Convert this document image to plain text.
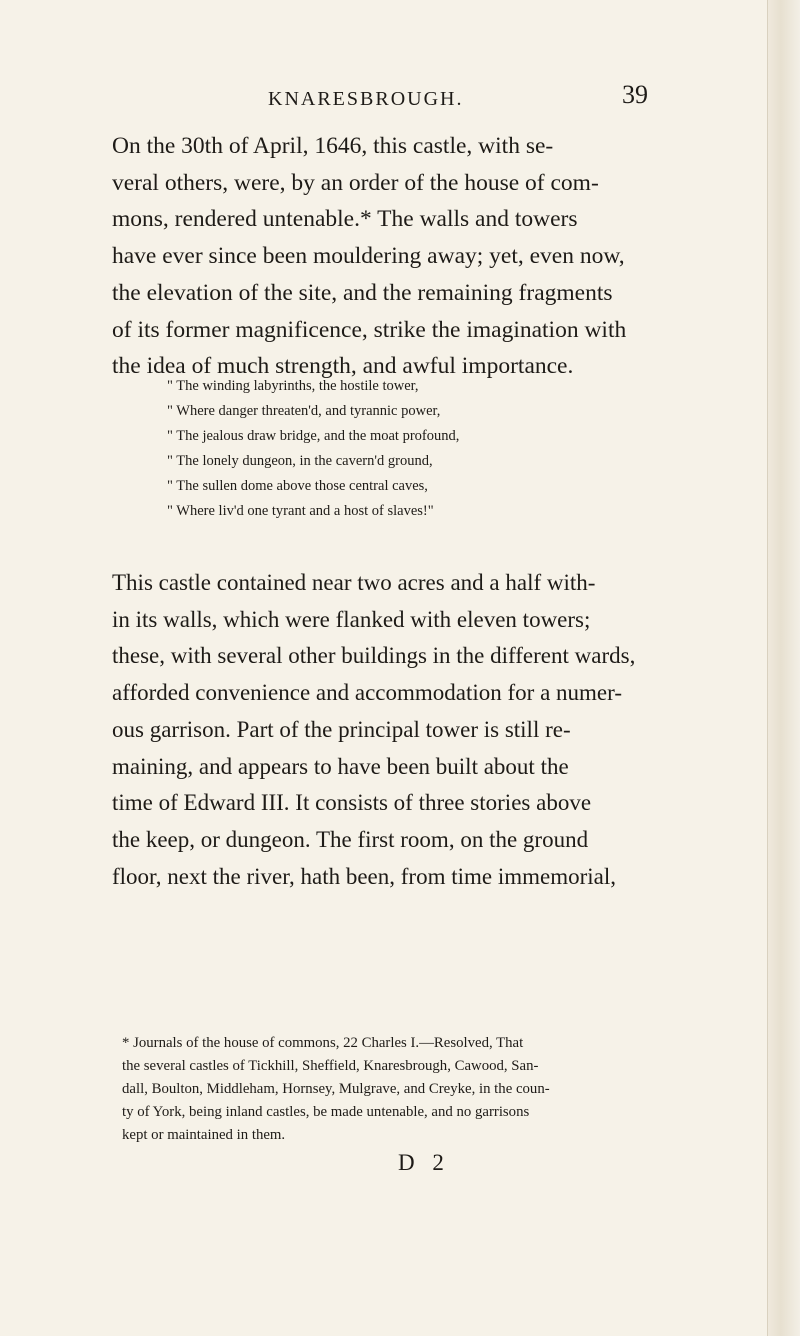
KNARESBROUGH.	39

On the 30th of April, 1646, this castle, with se-
veral others, were, by an order of the house of com-
mons, rendered untenable.* The walls and towers
have ever since been mouldering away; yet, even now,
the elevation of the site, and the remaining fragments
of its former magnificence, strike the imagination with
the idea of much strength, and awful importance.

" The winding labyrinths, the hostile tower,
" Where danger threaten'd, and tyrannic power,
" The jealous draw bridge, and the moat profound,
" The lonely dungeon, in the cavern'd ground,
" The sullen dome above those central caves,
" Where liv'd one tyrant and a host of slaves!"

This castle contained near two acres and a half with-
in its walls, which were flanked with eleven towers;
these, with several other buildings in the different wards,
afforded convenience and accommodation for a numer-
ous garrison. Part of the principal tower is still re-
maining, and appears to have been built about the
time of Edward III. It consists of three stories above
the keep, or dungeon. The first room, on the ground
floor, next the river, hath been, from time immemorial,

* Journals of the house of commons, 22 Charles I.—Resolved, That
the several castles of Tickhill, Sheffield, Knaresbrough, Cawood, San-
dall, Boulton, Middleham, Hornsey, Mulgrave, and Creyke, in the coun-
ty of York, being inland castles, be made untenable, and no garrisons
kept or maintained in them.
D 2
